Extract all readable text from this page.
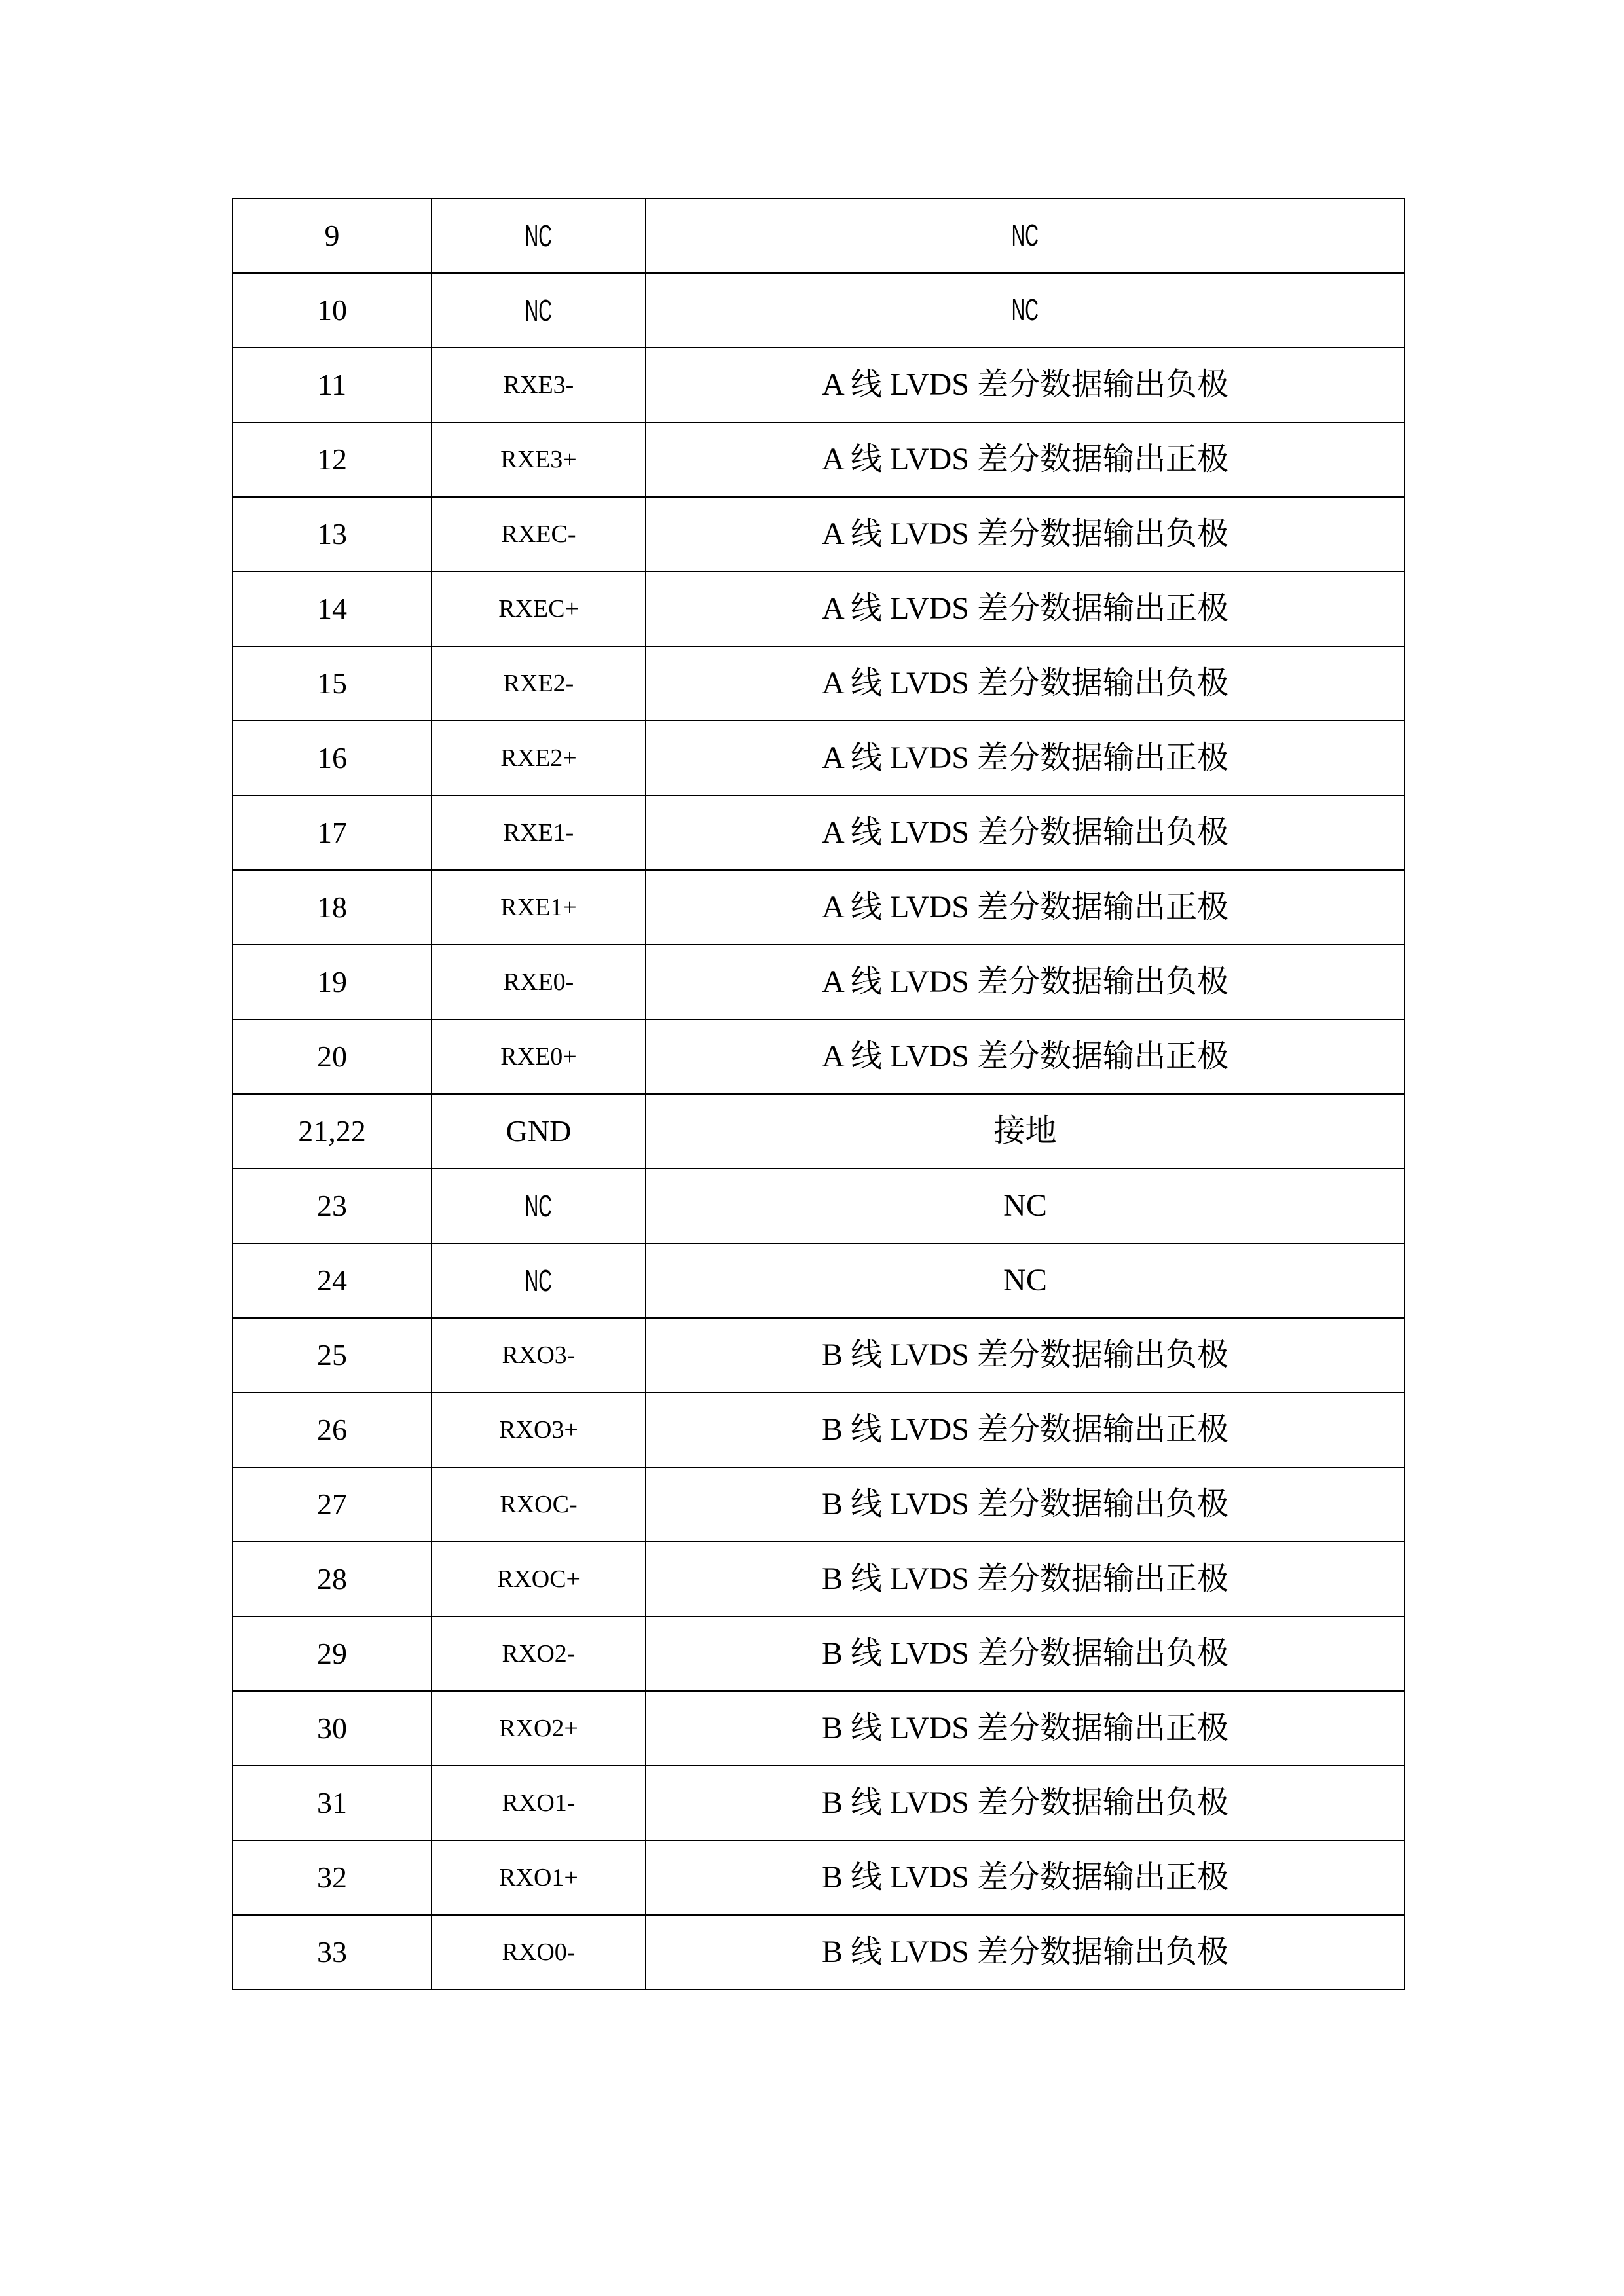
9	NC	NC
10	NC	NC
11	RXE3-	A 线 LVDS 差分数据输出负极
12	RXE3+	A 线 LVDS 差分数据输出正极
13	RXEC-	A 线 LVDS 差分数据输出负极
14	RXEC+	A 线 LVDS 差分数据输出正极
15	RXE2-	A 线 LVDS 差分数据输出负极
16	RXE2+	A 线 LVDS 差分数据输出正极
17	RXE1-	A 线 LVDS 差分数据输出负极
18	RXE1+	A 线 LVDS 差分数据输出正极
19	RXE0-	A 线 LVDS 差分数据输出负极
20	RXE0+	A 线 LVDS 差分数据输出正极
21,22	GND	接地
23	NC	NC
24	NC	NC
25	RXO3-	B 线 LVDS 差分数据输出负极
26	RXO3+	B 线 LVDS 差分数据输出正极
27	RXOC-	B 线 LVDS 差分数据输出负极
28	RXOC+	B 线 LVDS 差分数据输出正极
29	RXO2-	B 线 LVDS 差分数据输出负极
30	RXO2+	B 线 LVDS 差分数据输出正极
31	RXO1-	B 线 LVDS 差分数据输出负极
32	RXO1+	B 线 LVDS 差分数据输出正极
33	RXO0-	B 线 LVDS 差分数据输出负极
